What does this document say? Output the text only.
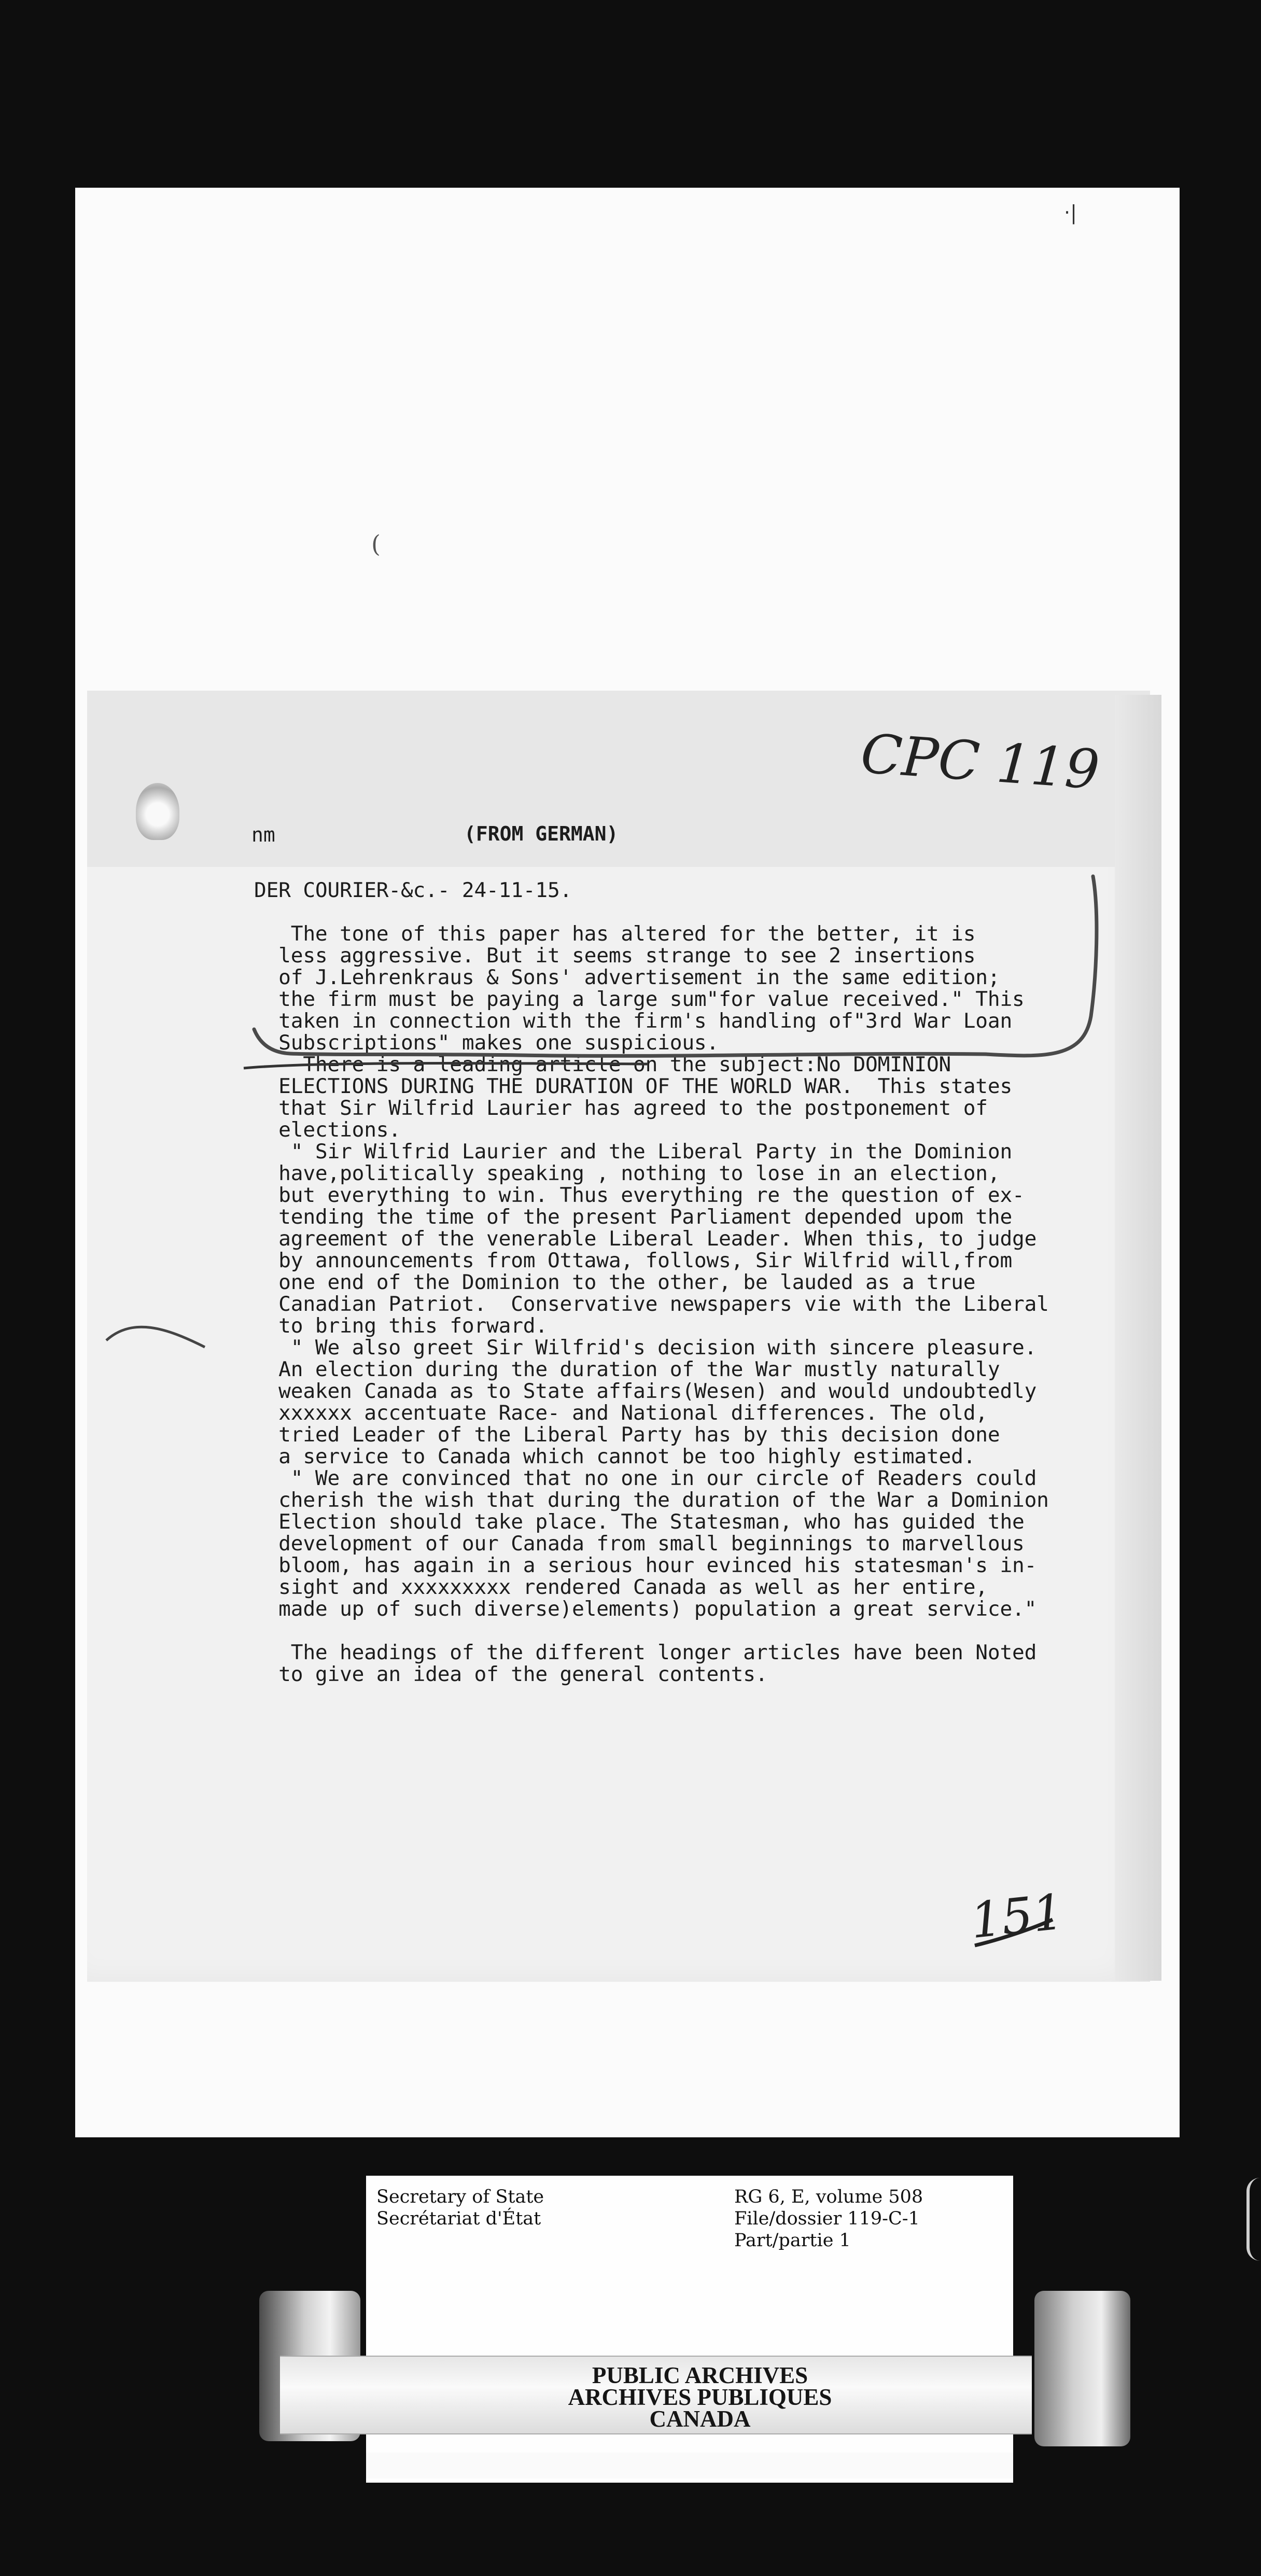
(
·|
CPC 119
nm	(FROM GERMAN)

DER COURIER-&c.- 24-11-15.

The tone of this paper has altered for the better, it is

less aggressive. But it seems strange to see 2 insertions

of J.Lehrenkraus & Sons' advertisement in the same edition;

the firm must be paying a large sum"for value received." This

taken in connection with the firm's handling of"3rd War Loan

Subscriptions" makes one suspicious.

There is a leading article on the subject:No DOMINION

ELECTIONS DURING THE DURATION OF THE WORLD WAR.  This states

that Sir Wilfrid Laurier has agreed to the postponement of

elections.

" Sir Wilfrid Laurier and the Liberal Party in the Dominion

have,politically speaking , nothing to lose in an election,

but everything to win. Thus everything re the question of ex-

tending the time of the present Parliament depended upom the

agreement of the venerable Liberal Leader. When this, to judge

by announcements from Ottawa, follows, Sir Wilfrid will,from

one end of the Dominion to the other, be lauded as a true

Canadian Patriot.  Conservative newspapers vie with the Liberal

to bring this forward.

" We also greet Sir Wilfrid's decision with sincere pleasure.

An election during the duration of the War mustly naturally

weaken Canada as to State affairs(Wesen) and would undoubtedly

xxxxxx accentuate Race- and National differences. The old,

tried Leader of the Liberal Party has by this decision done

a service to Canada which cannot be too highly estimated.

" We are convinced that no one in our circle of Readers could

cherish the wish that during the duration of the War a Dominion

Election should take place. The Statesman, who has guided the

development of our Canada from small beginnings to marvellous

bloom, has again in a serious hour evinced his statesman's in-

sight and xxxxxxxxx rendered Canada as well as her entire,

made up of such diverse)elements) population a great service."

The headings of the different longer articles have been Noted

to give an idea of the general contents.

151
Secretary of State
Secrétariat d'État
RG 6, E, volume 508
File/dossier 119-C-1
Part/partie 1
PUBLIC ARCHIVES
ARCHIVES PUBLIQUES
CANADA
